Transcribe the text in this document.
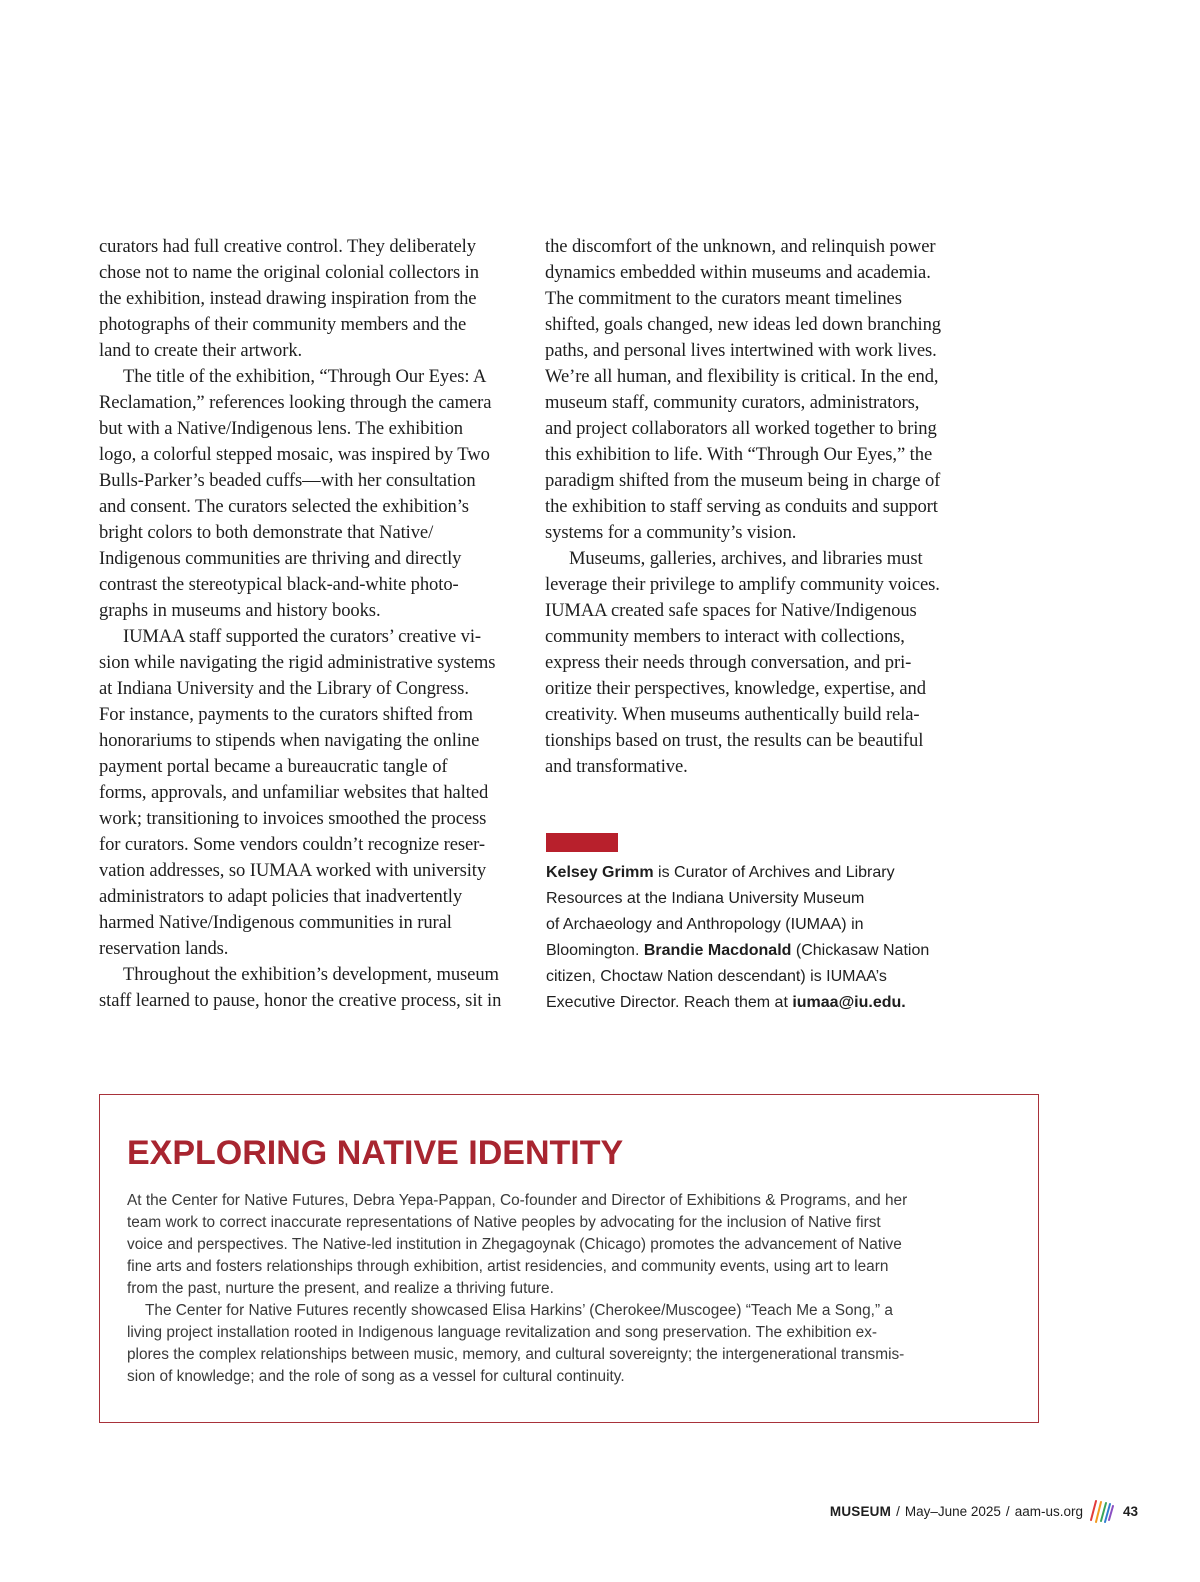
curators had full creative control. They deliberately
chose not to name the original colonial collectors in
the exhibition, instead drawing inspiration from the
photographs of their community members and the
land to create their artwork.
The title of the exhibition, “Through Our Eyes: A
Reclamation,” references looking through the camera
but with a Native/Indigenous lens. The exhibition
logo, a colorful stepped mosaic, was inspired by Two
Bulls-Parker’s beaded cuffs—with her consultation
and consent. The curators selected the exhibition’s
bright colors to both demonstrate that Native/
Indigenous communities are thriving and directly
contrast the stereotypical black-and-white photo-
graphs in museums and history books.
IUMAA staff supported the curators’ creative vi-
sion while navigating the rigid administrative systems
at Indiana University and the Library of Congress.
For instance, payments to the curators shifted from
honorariums to stipends when navigating the online
payment portal became a bureaucratic tangle of
forms, approvals, and unfamiliar websites that halted
work; transitioning to invoices smoothed the process
for curators. Some vendors couldn’t recognize reser-
vation addresses, so IUMAA worked with university
administrators to adapt policies that inadvertently
harmed Native/Indigenous communities in rural
reservation lands.
Throughout the exhibition’s development, museum
staff learned to pause, honor the creative process, sit in
the discomfort of the unknown, and relinquish power
dynamics embedded within museums and academia.
The commitment to the curators meant timelines
shifted, goals changed, new ideas led down branching
paths, and personal lives intertwined with work lives.
We’re all human, and flexibility is critical. In the end,
museum staff, community curators, administrators,
and project collaborators all worked together to bring
this exhibition to life. With “Through Our Eyes,” the
paradigm shifted from the museum being in charge of
the exhibition to staff serving as conduits and support
systems for a community’s vision.
Museums, galleries, archives, and libraries must
leverage their privilege to amplify community voices.
IUMAA created safe spaces for Native/Indigenous
community members to interact with collections,
express their needs through conversation, and pri-
oritize their perspectives, knowledge, expertise, and
creativity. When museums authentically build rela-
tionships based on trust, the results can be beautiful
and transformative.
Kelsey Grimm is Curator of Archives and Library
Resources at the Indiana University Museum
of Archaeology and Anthropology (IUMAA) in
Bloomington. Brandie Macdonald (Chickasaw Nation
citizen, Choctaw Nation descendant) is IUMAA’s
Executive Director. Reach them at iumaa@iu.edu.
EXPLORING NATIVE IDENTITY
At the Center for Native Futures, Debra Yepa-Pappan, Co-founder and Director of Exhibitions & Programs, and her
team work to correct inaccurate representations of Native peoples by advocating for the inclusion of Native first
voice and perspectives. The Native-led institution in Zhegagoynak (Chicago) promotes the advancement of Native
fine arts and fosters relationships through exhibition, artist residencies, and community events, using art to learn
from the past, nurture the present, and realize a thriving future.
The Center for Native Futures recently showcased Elisa Harkins’ (Cherokee/Muscogee) “Teach Me a Song,” a
living project installation rooted in Indigenous language revitalization and song preservation. The exhibition ex-
plores the complex relationships between music, memory, and cultural sovereignty; the intergenerational transmis-
sion of knowledge; and the role of song as a vessel for cultural continuity.
MUSEUM / May–June 2025 / aam-us.org	43
